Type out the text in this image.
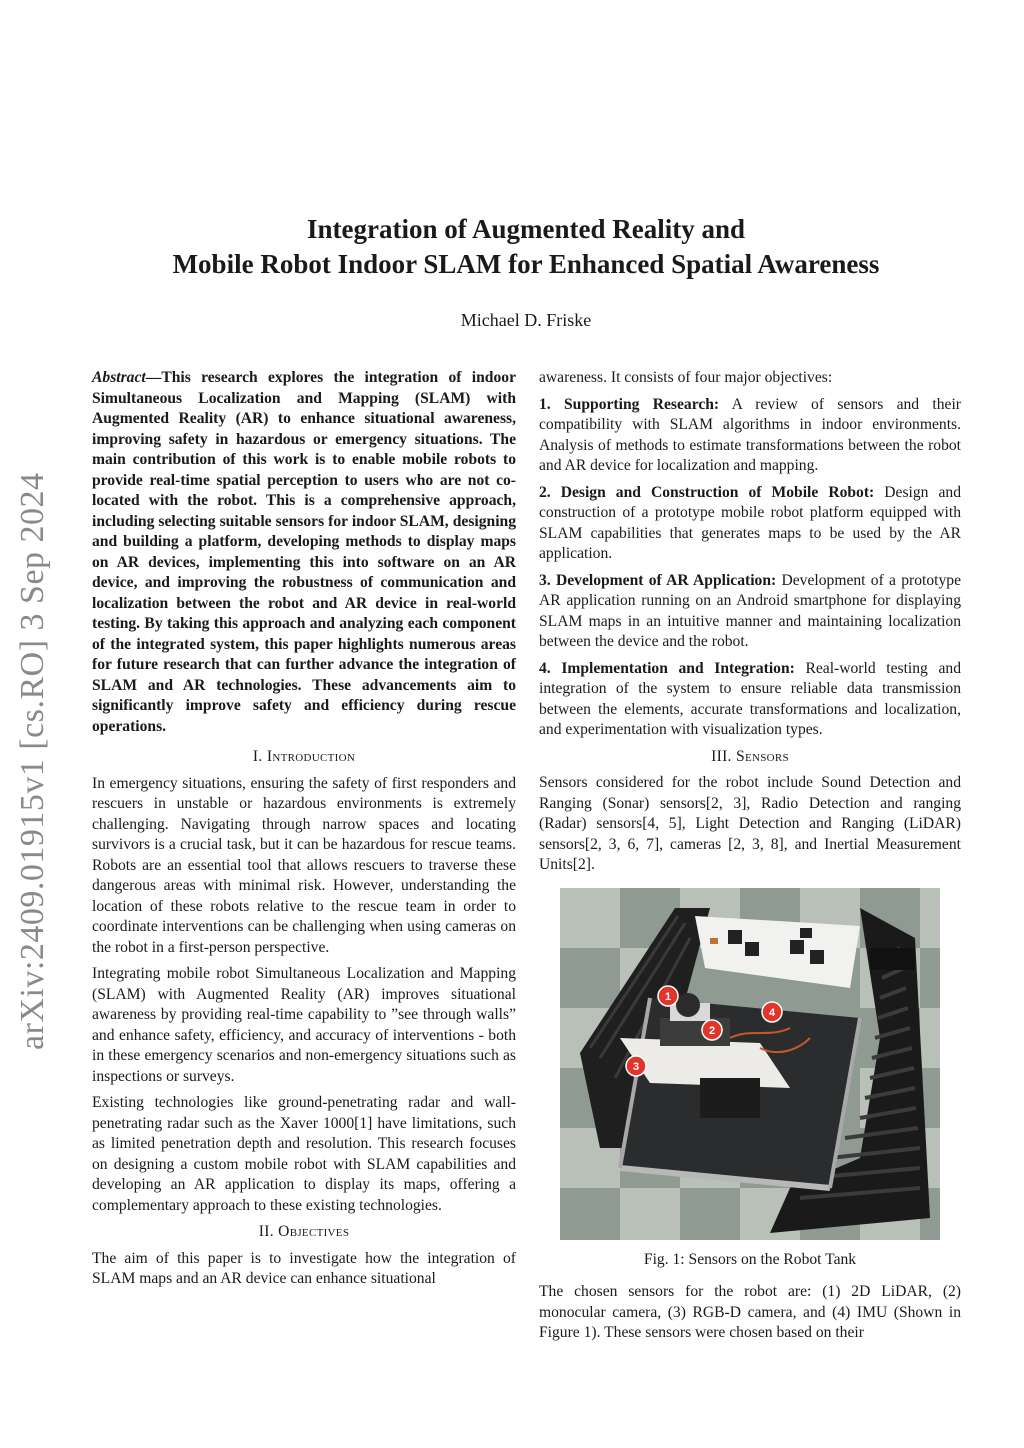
arXiv:2409.01915v1 [cs.RO] 3 Sep 2024
Integration of Augmented Reality and
Mobile Robot Indoor SLAM for Enhanced Spatial Awareness
Michael D. Friske

Abstract—This research explores the integration of indoor Simultaneous Localization and Mapping (SLAM) with Augmented Reality (AR) to enhance situational awareness, improving safety in hazardous or emergency situations. The main contribution of this work is to enable mobile robots to provide real-time spatial perception to users who are not co-located with the robot. This is a comprehensive approach, including selecting suitable sensors for indoor SLAM, designing and building a platform, developing methods to display maps on AR devices, implementing this into software on an AR device, and improving the robustness of communication and localization between the robot and AR device in real-world testing. By taking this approach and analyzing each component of the integrated system, this paper highlights numerous areas for future research that can further advance the integration of SLAM and AR technologies. These advancements aim to significantly improve safety and efficiency during rescue operations.

I. Introduction

In emergency situations, ensuring the safety of first responders and rescuers in unstable or hazardous environments is extremely challenging. Navigating through narrow spaces and locating survivors is a crucial task, but it can be hazardous for rescue teams. Robots are an essential tool that allows rescuers to traverse these dangerous areas with minimal risk. However, understanding the location of these robots relative to the rescue team in order to coordinate interventions can be challenging when using cameras on the robot in a first-person perspective.

Integrating mobile robot Simultaneous Localization and Mapping (SLAM) with Augmented Reality (AR) improves situational awareness by providing real-time capability to ”see through walls” and enhance safety, efficiency, and accuracy of interventions - both in these emergency scenarios and non-emergency situations such as inspections or surveys.

Existing technologies like ground-penetrating radar and wall-penetrating radar such as the Xaver 1000[1] have limitations, such as limited penetration depth and resolution. This research focuses on designing a custom mobile robot with SLAM capabilities and developing an AR application to display its maps, offering a complementary approach to these existing technologies.

II. Objectives

The aim of this paper is to investigate how the integration of SLAM maps and an AR device can enhance situational

awareness. It consists of four major objectives:

1. Supporting Research: A review of sensors and their compatibility with SLAM algorithms in indoor environments. Analysis of methods to estimate transformations between the robot and AR device for localization and mapping.

2. Design and Construction of Mobile Robot: Design and construction of a prototype mobile robot platform equipped with SLAM capabilities that generates maps to be used by the AR application.

3. Development of AR Application: Development of a prototype AR application running on an Android smartphone for displaying SLAM maps in an intuitive manner and maintaining localization between the device and the robot.

4. Implementation and Integration: Real-world testing and integration of the system to ensure reliable data transmission between the elements, accurate transformations and localization, and experimentation with visualization types.

III. Sensors

Sensors considered for the robot include Sound Detection and Ranging (Sonar) sensors[2, 3], Radio Detection and ranging (Radar) sensors[4, 5], Light Detection and Ranging (LiDAR) sensors[2, 3, 6, 7], cameras [2, 3, 8], and Inertial Measurement Units[2].

1
2
3
4
Fig. 1: Sensors on the Robot Tank

The chosen sensors for the robot are: (1) 2D LiDAR, (2) monocular camera, (3) RGB-D camera, and (4) IMU (Shown in Figure 1). These sensors were chosen based on their
